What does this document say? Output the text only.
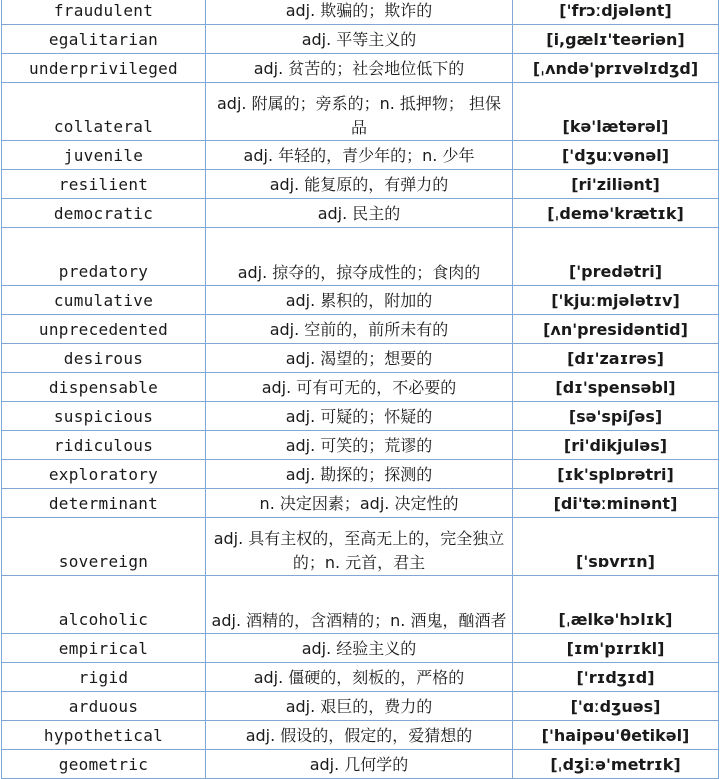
fraudulent	adj. 欺骗的；欺诈的	['frɔːdjələnt]
egalitarian	adj. 平等主义的	[i,gælɪ'teəriən]
underprivileged	adj. 贫苦的；社会地位低下的	[ˌʌndə'prɪvəlɪdʒd]
collateral	adj. 附属的；旁系的；n. 抵押物； 担保品	[kə'lætərəl]
juvenile	adj. 年轻的，青少年的；n. 少年	['dʒuːvənəl]
resilient	adj. 能复原的，有弹力的	[ri'ziliənt]
democratic	adj. 民主的	[ˌdemə'krætɪk]
predatory	adj. 掠夺的，掠夺成性的；食肉的	['predətri]
cumulative	adj. 累积的，附加的	['kjuːmjələtɪv]
unprecedented	adj. 空前的，前所未有的	[ʌn'presidəntid]
desirous	adj. 渴望的；想要的	[dɪ'zaɪrəs]
dispensable	adj. 可有可无的，不必要的	[dɪ'spensəbl]
suspicious	adj. 可疑的；怀疑的	[sə'spiʃəs]
ridiculous	adj. 可笑的；荒谬的	[ri'dikjuləs]
exploratory	adj. 勘探的；探测的	[ɪk'splɒrətri]
determinant	n. 决定因素；adj. 决定性的	[di'təːminənt]
sovereign	adj. 具有主权的，至高无上的，完全独立的；n. 元首，君主	['sɒvrɪn]
alcoholic	adj. 酒精的，含酒精的；n. 酒鬼，酗酒者	[ˌælkə'hɔlɪk]
empirical	adj. 经验主义的	[ɪm'pɪrɪkl]
rigid	adj. 僵硬的，刻板的，严格的	['rɪdʒɪd]
arduous	adj. 艰巨的，费力的	['ɑːdʒuəs]
hypothetical	adj. 假设的，假定的，爱猜想的	['haipəu'θetikəl]
geometric	adj. 几何学的	[ˌdʒiːə'metrɪk]
